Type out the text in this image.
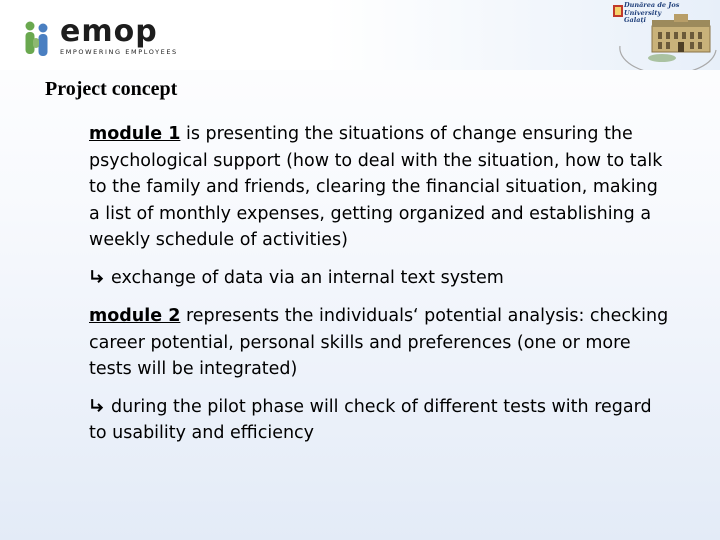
emop
EMPOWERING EMPLOYEES
Dunărea de Jos
University
Galați
Project concept

module 1 is presenting the situations of change ensuring the psychological support (how to deal with the situation, how to talk to the family and friends, clearing the financial situation, making a list of monthly expenses, getting organized and establishing a weekly schedule of activities)

exchange of data via an internal text system

module 2 represents the individuals‘ potential analysis: checking career potential, personal skills and preferences (one or more tests will be integrated)

during the pilot phase will check of different tests with regard to usability and efficiency
